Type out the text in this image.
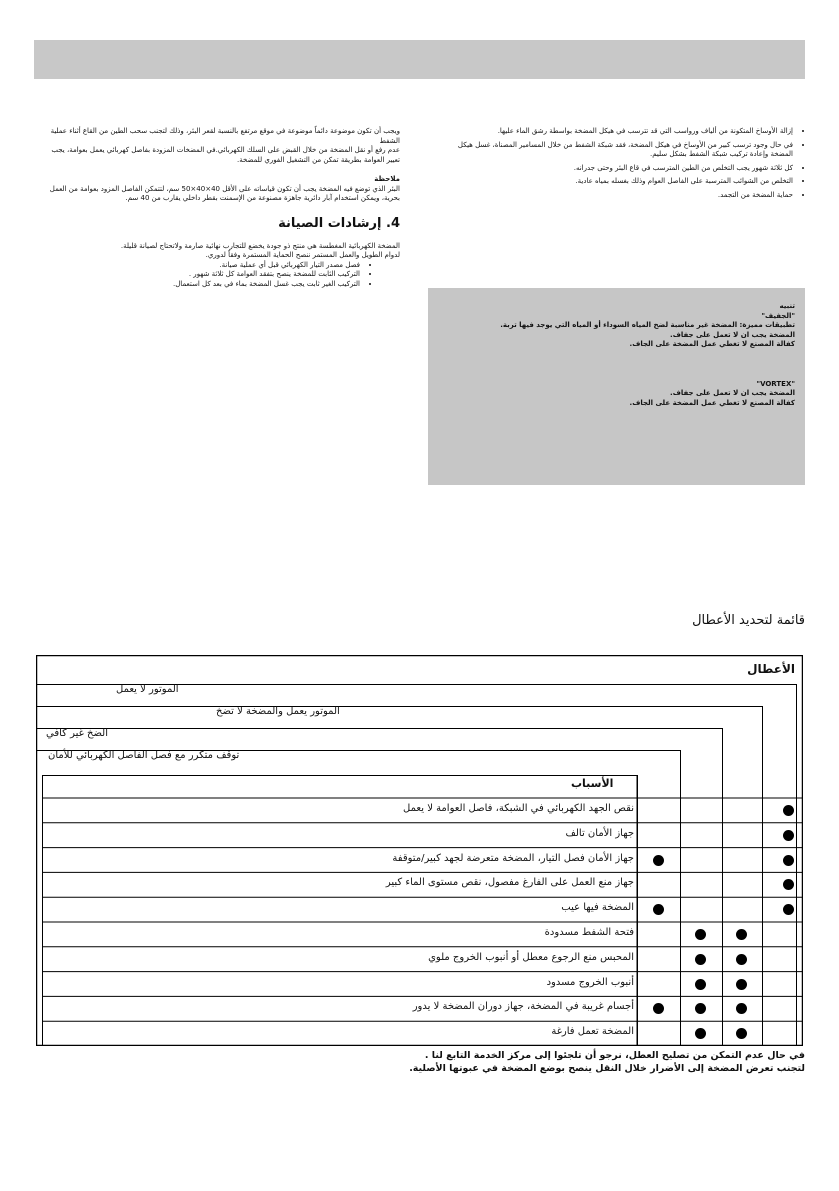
ويجب أن تكون موضوعة دائماً موضوعة في موقع مرتفع بالنسبة لقعر البئر، وذلك لتجنب سحب الطين من القاع أثناء عملية الشفط

عدم رفع أو نقل المضخة من خلال القبض على السلك الكهربائي.في المضخات المزودة بفاصل كهربائي يعمل بعوامة، يجب تعيير العوامة بطريقة تمكن من التشغيل الفوري للمضخة.

ملاحظة

البئر الذي توضع فيه المضخة يجب أن تكون قياساته على الأقل 40×40×50 سم، لتتمكن الفاصل المزود بعوامة من العمل بحرية، ويمكن استخدام آبار دائرية جاهزة مصنوعة من الإسمنت بقطر داخلي يقارب من 40 سم.

4. إرشادات الصيانة

المضخة الكهربائية المغطسة هي منتج ذو جودة يخضع للتجارب نهائية صارمة ولاتحتاج لصيانة قليلة.

لدوام الطويل والعمل المستمر ننصح الحماية المستمرة وفقاً لدوري.

• فصل مصدر التيار الكهربائي قبل أي عملية صيانة.
• التركيب الثابت للمضخة ينصح بتفقد العوامة كل ثلاثة شهور .
• التركيب الغير ثابت يجب غسل المضخة بماء في بعد كل استعمال.
• إزالة الأوساخ المتكونة من ألياف ورواسب التي قد تترسب في هيكل المضخة بواسطة رشق الماء عليها.
• في حال وجود ترسب كبير من الأوساخ في هيكل المضخة، فقد شبكة الشفط من خلال المسامير المصناة، غسل هيكل المضخة وإعادة تركيب شبكة الشفط بشكل سليم.
• كل ثلاثة شهور يجب التخلص من الطين المترسب في قاع البئر وحتى جدرانه.
• التخلص من الشوائب المترسبة على الفاصل العوام وذلك بغسله بمياه عادية.
• حماية المضخة من التجمد.

تنبيه

"الجفيف"

تطبيقات مميزة: المضخة غير مناسبة لضخ المياه السوداء أو المياه التي يوجد فيها تربة.

المضخة يجب ان لا تعمل على جفاف.

كفالة المصنع لا تغطي عمل المضخة على الجاف.

"VORTEX"

المضخة يجب ان لا تعمل على جفاف.

كفالة المصنع لا تغطي عمل المضخة على الجاف.

قائمة لتحديد الأعطال
الأعطال
الموتور لا يعمل
الموتور يعمل والمضخة لا تضخ
الضخ غير كافي
توقف متكرر مع فصل الفاصل الكهربائي للأمان
الأسباب
نقص الجهد الكهربائي في الشبكة، فاصل العوامة لا يعمل
جهاز الأمان تالف
جهاز الأمان فصل التيار، المضخة متعرضة لجهد كبير/متوقفة
جهاز منع العمل على الفارغ مفصول، نقص مستوى الماء كبير
المضخة فيها عيب
فتحة الشفط مسدودة
المحبس منع الرجوع معطل أو أنبوب الخروج ملوي
أنبوب الخروج مسدود
أجسام غريبة في المضخة، جهاز دوران المضخة لا يدور
المضخة تعمل فارغة

في حال عدم التمكن من تصليح العطل، نرجو أن تلجئوا إلى مركز الخدمة التابع لنا .

لتجنب تعرض المضخة إلى الأضرار خلال النقل ينصح بوضع المضخة في عبوتها الأصلية.
